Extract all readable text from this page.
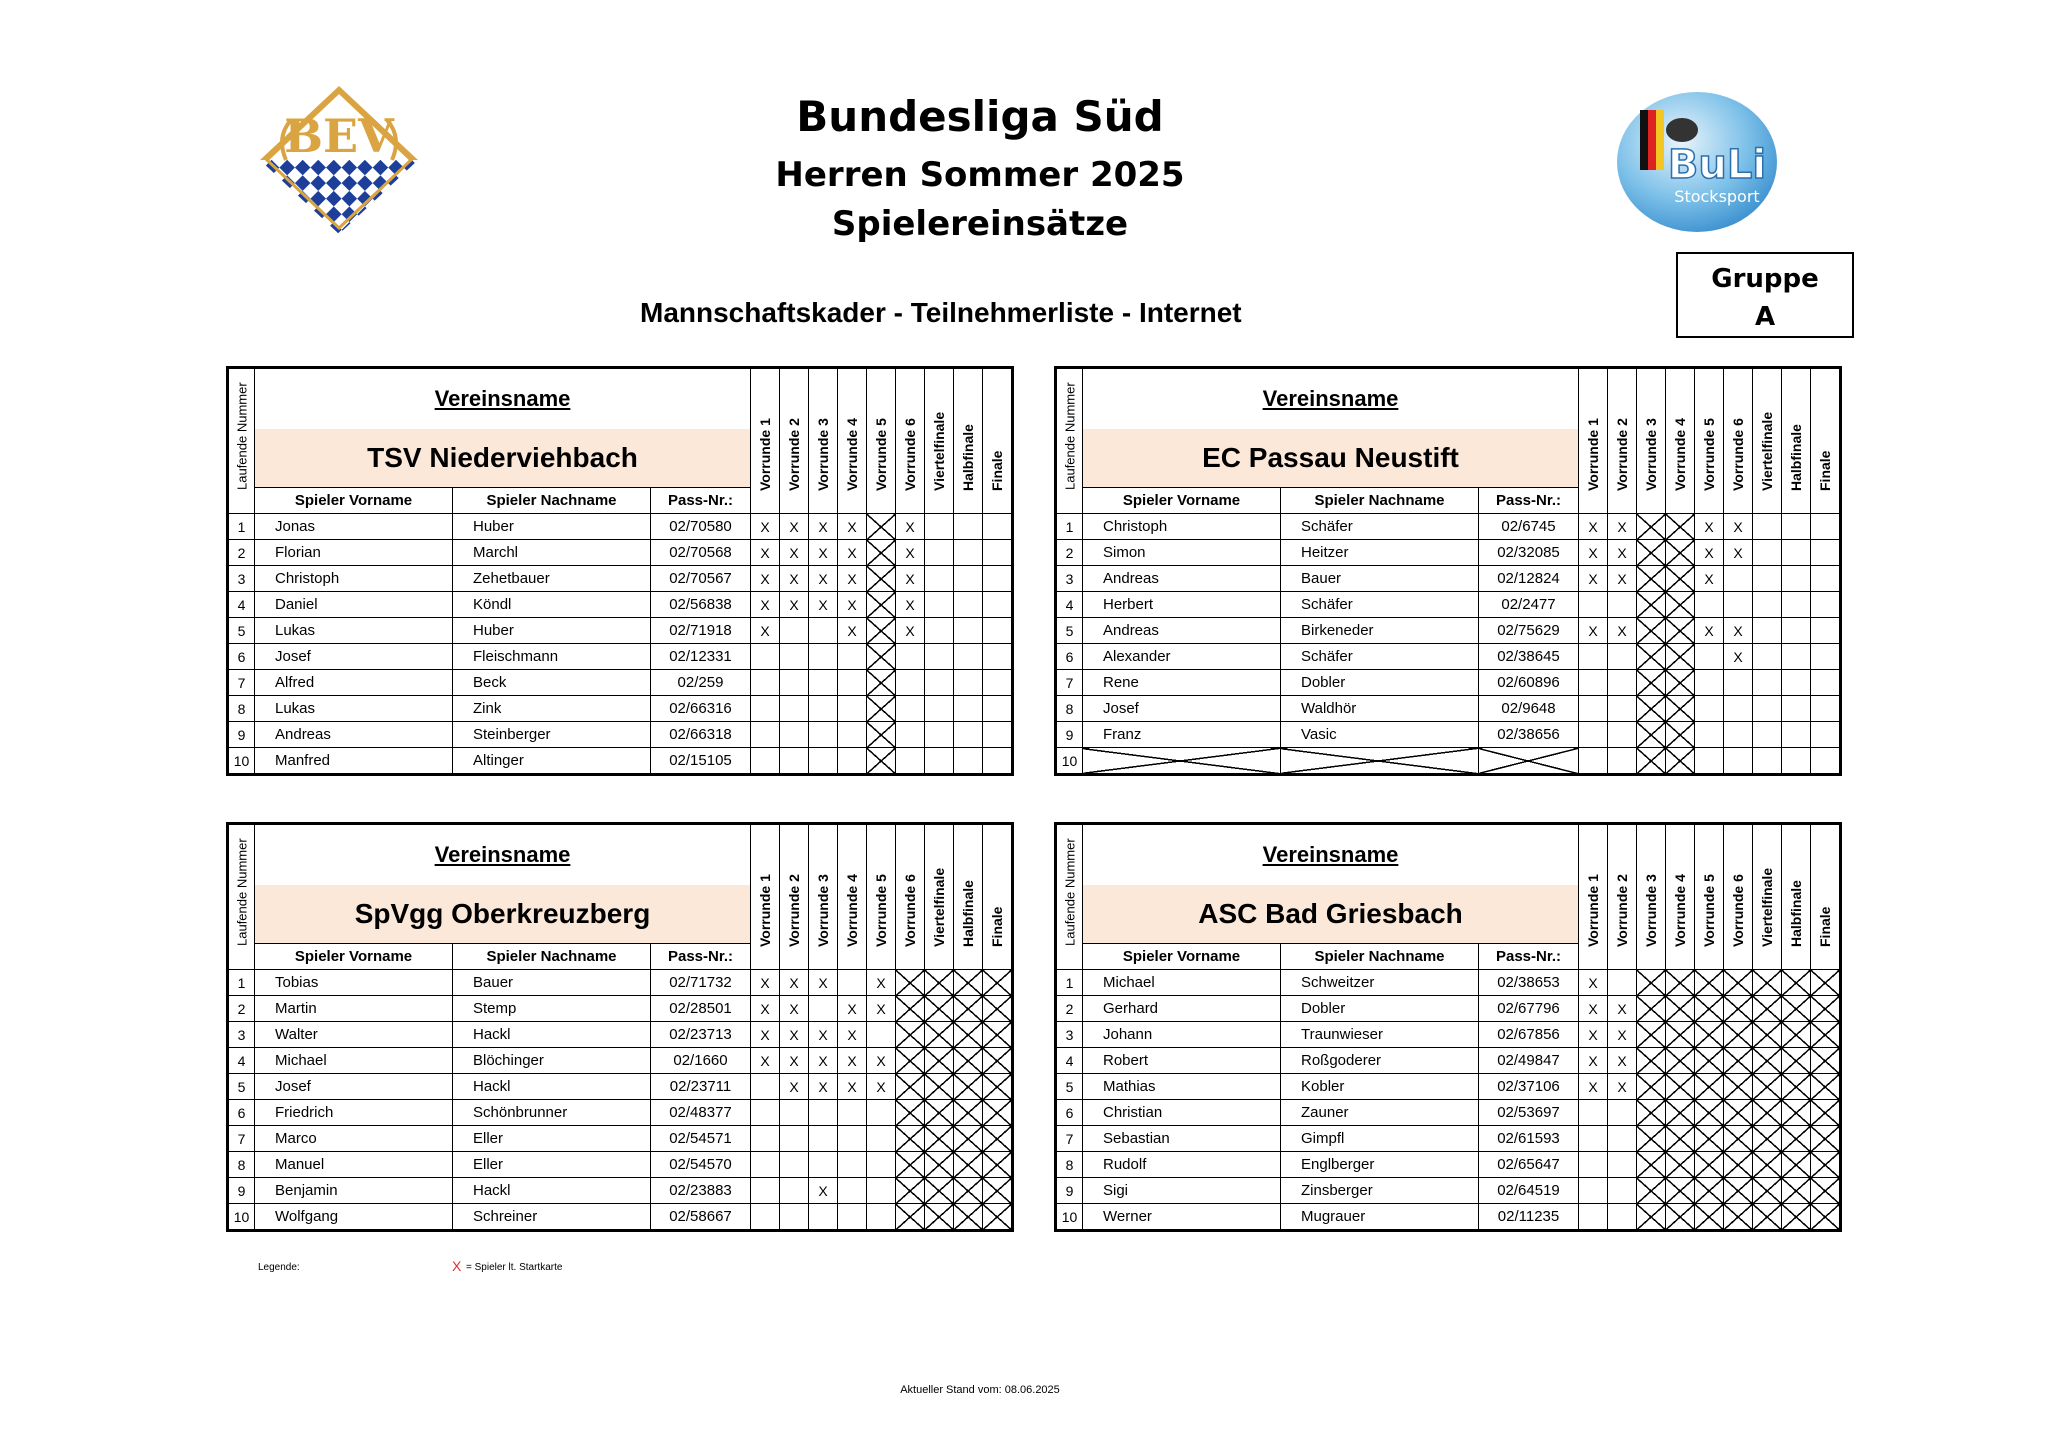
Bundesliga Süd
Herren Sommer 2025
Spielereinsätze
Mannschaftskader - Teilnehmerliste - Internet
Gruppe
A
BEV
BuLi
Stocksport
Laufende Nummer	Vereinsname			Vorrunde 1	Vorrunde 2	Vorrunde 3	Vorrunde 4	Vorrunde 5	Vorrunde 6	Viertelfinale	Halbfinale	Finale

	TSV Niederviehbach											
	Spieler Vorname	Spieler Nachname	Pass-Nr.:									
1	Jonas	Huber	02/70580	X	X	X	X		X			
2	Florian	Marchl	02/70568	X	X	X	X		X			
3	Christoph	Zehetbauer	02/70567	X	X	X	X		X			
4	Daniel	Köndl	02/56838	X	X	X	X		X			
5	Lukas	Huber	02/71918	X			X		X			
6	Josef	Fleischmann	02/12331									
7	Alfred	Beck	02/259									
8	Lukas	Zink	02/66316									
9	Andreas	Steinberger	02/66318									
10	Manfred	Altinger	02/15105									
Laufende Nummer	Vereinsname			Vorrunde 1	Vorrunde 2	Vorrunde 3	Vorrunde 4	Vorrunde 5	Vorrunde 6	Viertelfinale	Halbfinale	Finale

	EC Passau Neustift											
	Spieler Vorname	Spieler Nachname	Pass-Nr.:									
1	Christoph	Schäfer	02/6745	X	X			X	X			
2	Simon	Heitzer	02/32085	X	X			X	X			
3	Andreas	Bauer	02/12824	X	X			X				
4	Herbert	Schäfer	02/2477									
5	Andreas	Birkeneder	02/75629	X	X			X	X			
6	Alexander	Schäfer	02/38645						X			
7	Rene	Dobler	02/60896									
8	Josef	Waldhör	02/9648									
9	Franz	Vasic	02/38656									
10												
Laufende Nummer	Vereinsname			Vorrunde 1	Vorrunde 2	Vorrunde 3	Vorrunde 4	Vorrunde 5	Vorrunde 6	Viertelfinale	Halbfinale	Finale

	SpVgg Oberkreuzberg											
	Spieler Vorname	Spieler Nachname	Pass-Nr.:									
1	Tobias	Bauer	02/71732	X	X	X		X				
2	Martin	Stemp	02/28501	X	X		X	X				
3	Walter	Hackl	02/23713	X	X	X	X					
4	Michael	Blöchinger	02/1660	X	X	X	X	X				
5	Josef	Hackl	02/23711		X	X	X	X				
6	Friedrich	Schönbrunner	02/48377									
7	Marco	Eller	02/54571									
8	Manuel	Eller	02/54570									
9	Benjamin	Hackl	02/23883			X						
10	Wolfgang	Schreiner	02/58667									
Laufende Nummer	Vereinsname			Vorrunde 1	Vorrunde 2	Vorrunde 3	Vorrunde 4	Vorrunde 5	Vorrunde 6	Viertelfinale	Halbfinale	Finale

	ASC Bad Griesbach											
	Spieler Vorname	Spieler Nachname	Pass-Nr.:									
1	Michael	Schweitzer	02/38653	X								
2	Gerhard	Dobler	02/67796	X	X							
3	Johann	Traunwieser	02/67856	X	X							
4	Robert	Roßgoderer	02/49847	X	X							
5	Mathias	Kobler	02/37106	X	X							
6	Christian	Zauner	02/53697									
7	Sebastian	Gimpfl	02/61593									
8	Rudolf	Englberger	02/65647									
9	Sigi	Zinsberger	02/64519									
10	Werner	Mugrauer	02/11235									
Legende:	X = Spieler lt. Startkarte
Aktueller Stand vom: 08.06.2025
